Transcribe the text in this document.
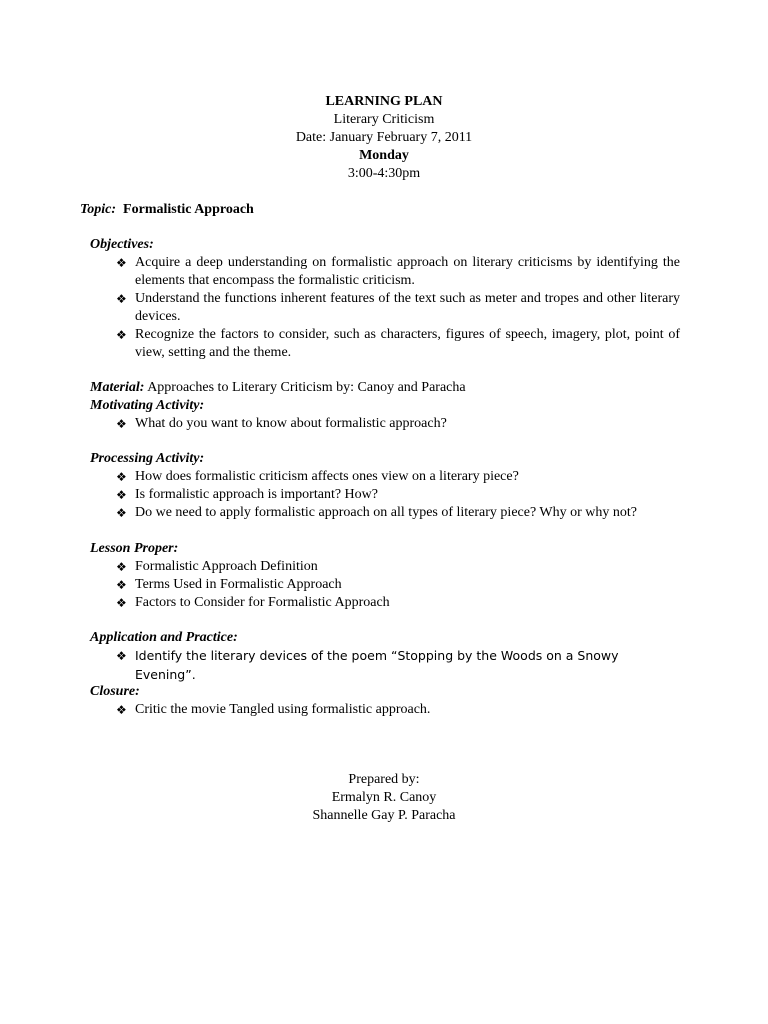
LEARNING PLAN
Literary Criticism
Date: January February 7, 2011
Monday
3:00-4:30pm
Topic: Formalistic Approach
Objectives:
❖ Acquire a deep understanding on formalistic approach on literary criticisms by identifying the elements that encompass the formalistic criticism.
❖ Understand the functions inherent features of the text such as meter and tropes and other literary devices.
❖ Recognize the factors to consider, such as characters, figures of speech, imagery, plot, point of view, setting and the theme.
Material: Approaches to Literary Criticism by: Canoy and Paracha
Motivating Activity:
❖ What do you want to know about formalistic approach?
Processing Activity:
❖ How does formalistic criticism affects ones view on a literary piece?
❖ Is formalistic approach is important? How?
❖ Do we need to apply formalistic approach on all types of literary piece? Why or why not?
Lesson Proper:
❖ Formalistic Approach Definition
❖ Terms Used in Formalistic Approach
❖ Factors to Consider for Formalistic Approach
Application and Practice:
❖ Identify the literary devices of the poem “Stopping by the Woods on a Snowy Evening”.
Closure:
❖ Critic the movie Tangled using formalistic approach.
Prepared by:
Ermalyn R. Canoy
Shannelle Gay P. Paracha
